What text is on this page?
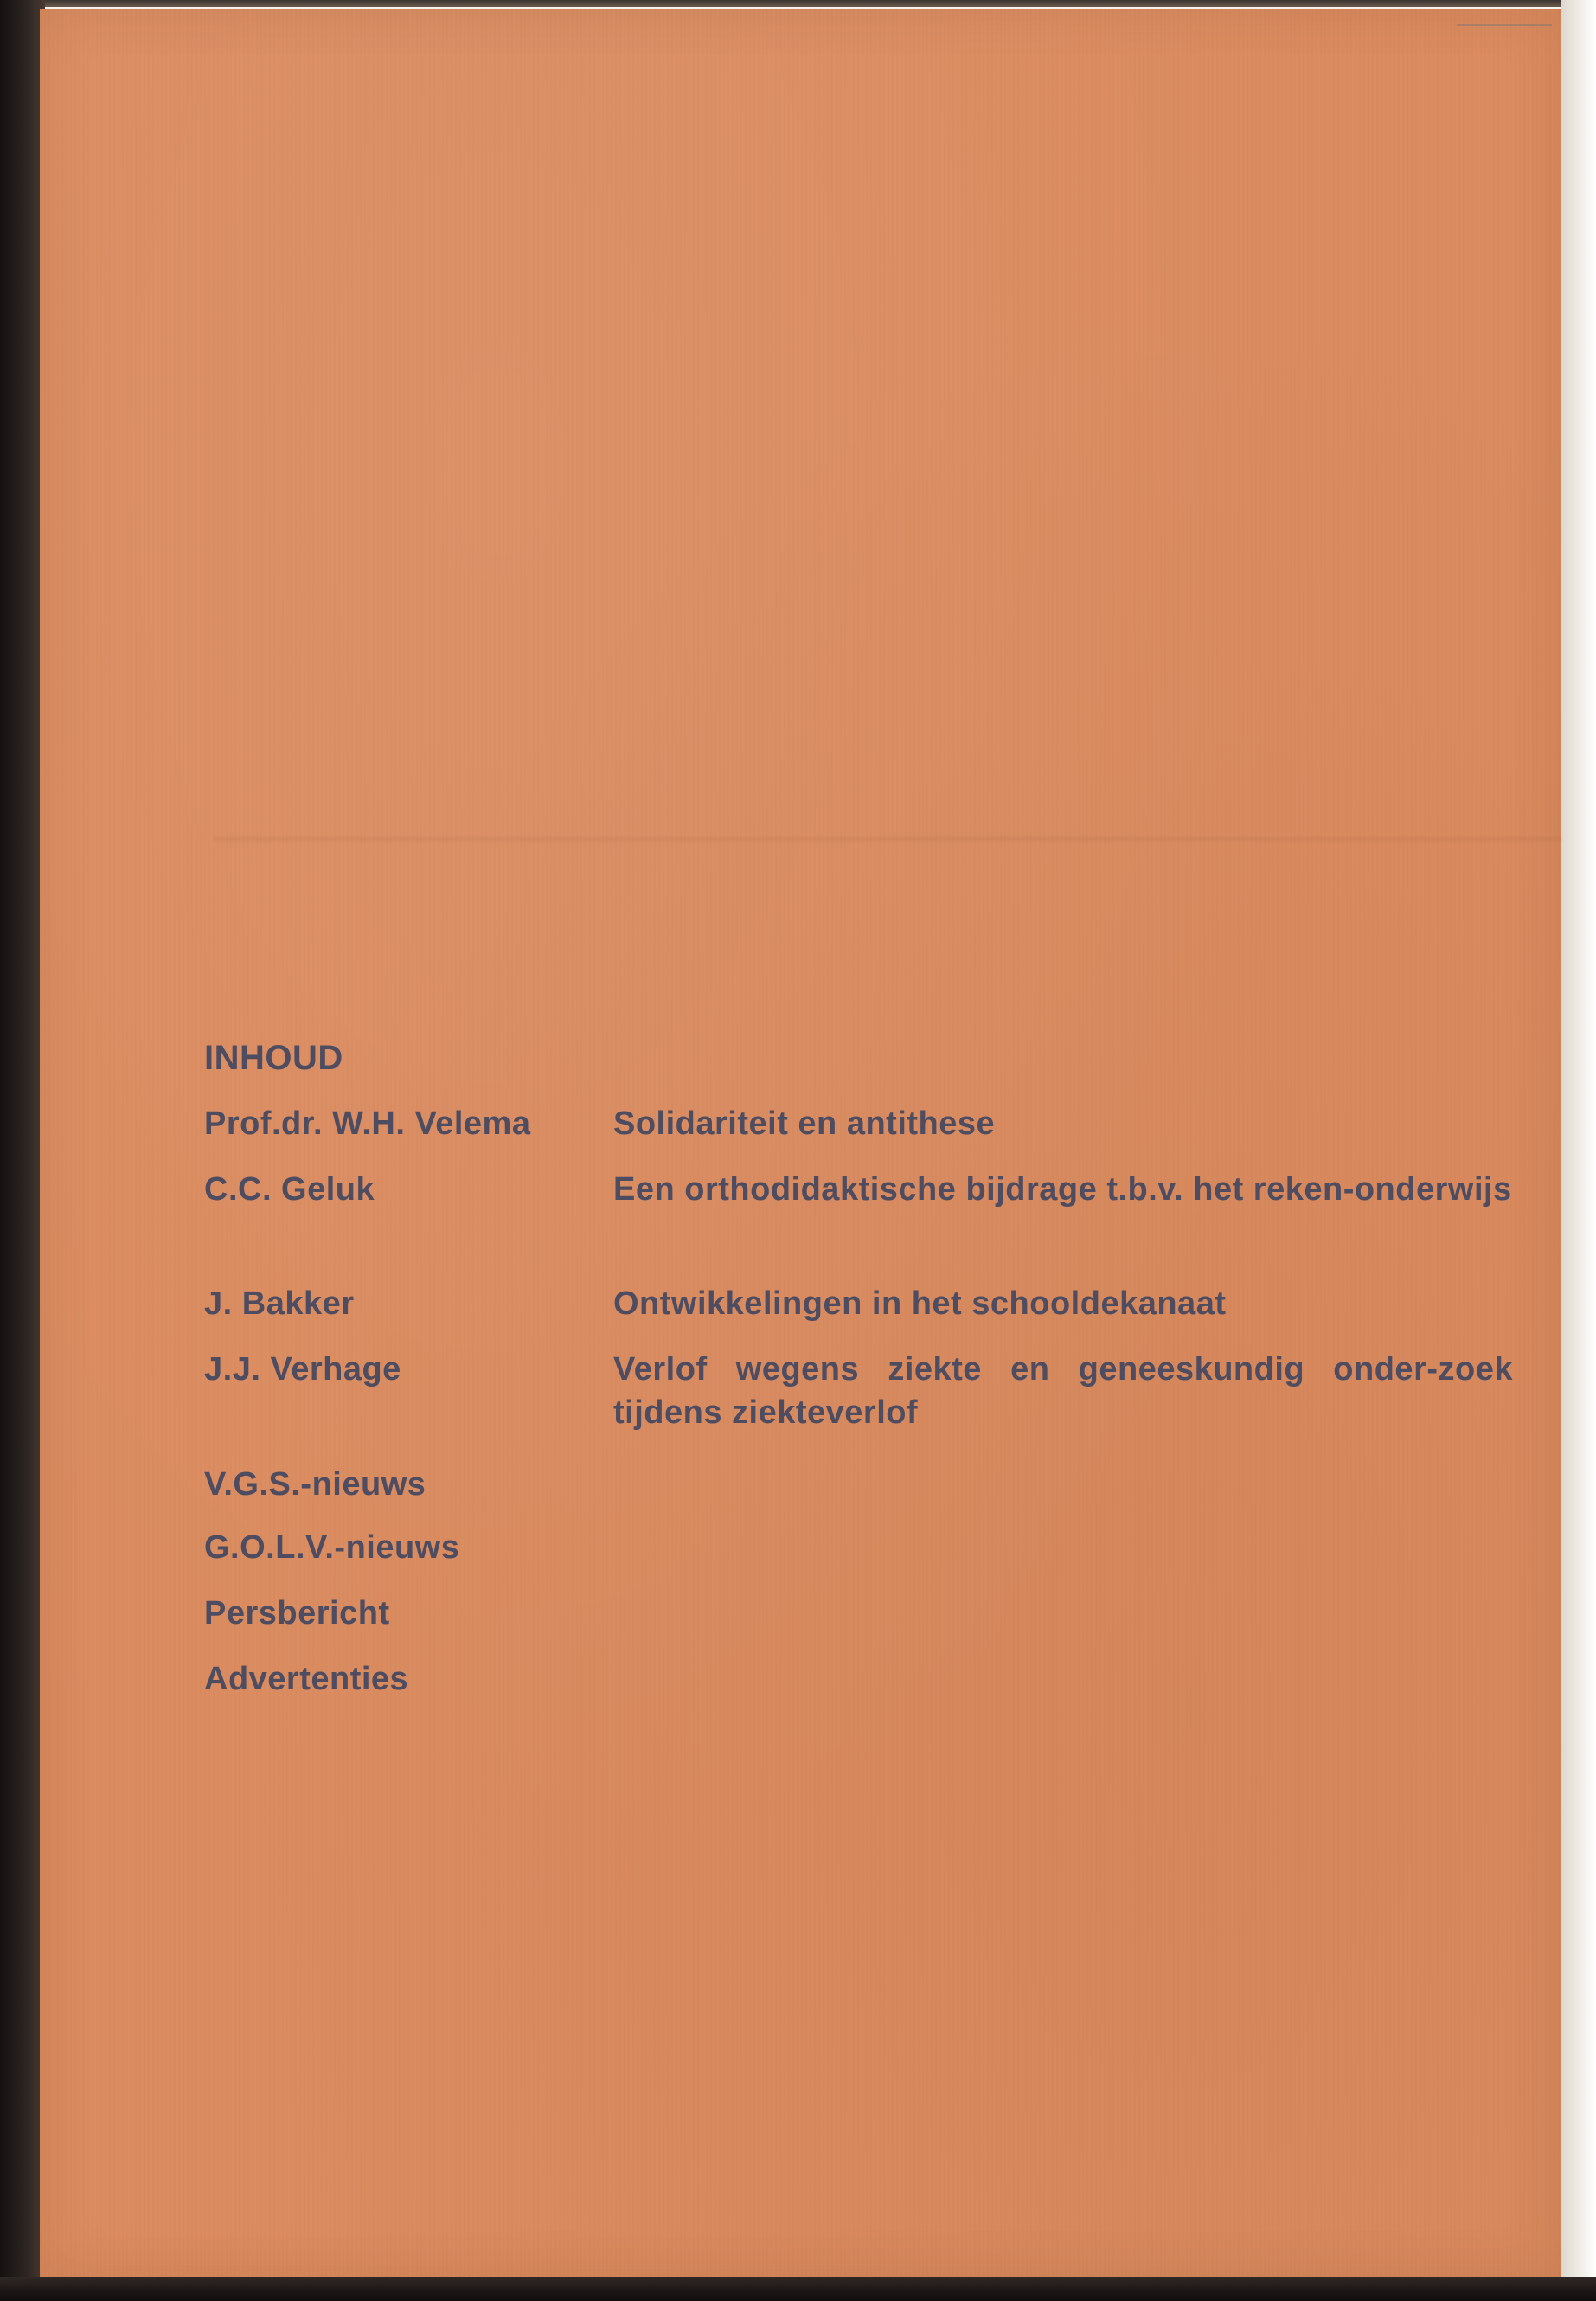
INHOUD
Prof.dr. W.H. Velema	Solidariteit en antithese
C.C. Geluk	Een orthodidaktische bijdrage t.b.v. het reken-onderwijs
J. Bakker	Ontwikkelingen in het schooldekanaat
J.J. Verhage	Verlof wegens ziekte en geneeskundig onder-zoek tijdens ziekteverlof
V.G.S.-nieuws
G.O.L.V.-nieuws
Persbericht
Advertenties
